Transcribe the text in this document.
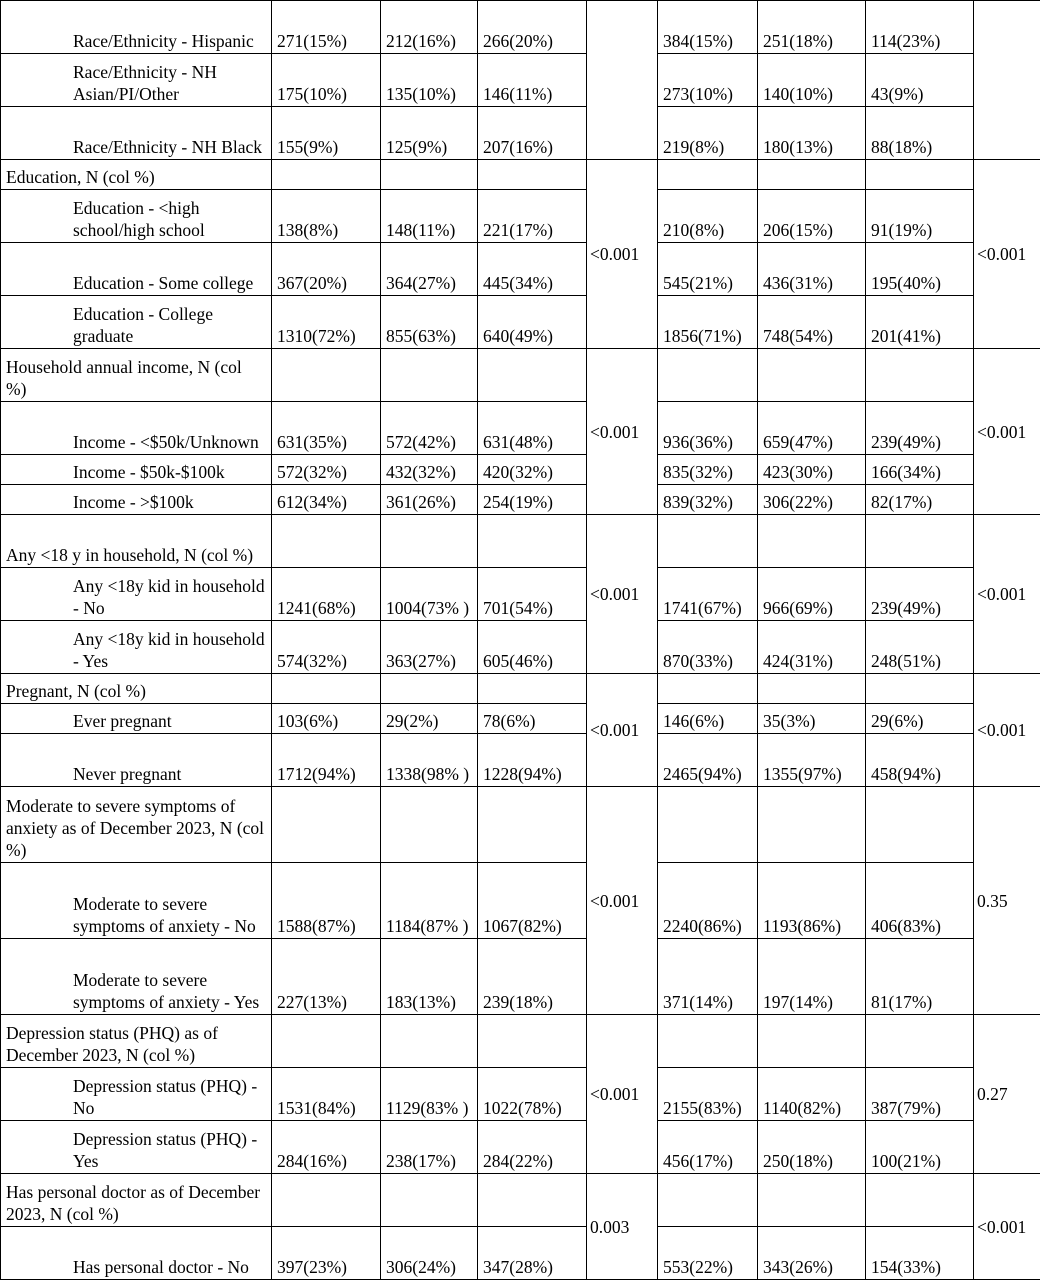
Race/Ethnicity - Hispanic	271(15%)	212(16%)	266(20%)		384(15%)	251(18%)	114(23%)	
Race/Ethnicity - NH Asian/PI/Other	175(10%)	135(10%)	146(11%)		273(10%)	140(10%)	43(9%)	
Race/Ethnicity - NH Black	155(9%)	125(9%)	207(16%)		219(8%)	180(13%)	88(18%)	
Education, N (col %)				<0.001				<0.001
Education - <high school/high school	138(8%)	148(11%)	221(17%)		210(8%)	206(15%)	91(19%)	
Education - Some college	367(20%)	364(27%)	445(34%)		545(21%)	436(31%)	195(40%)	
Education - College graduate	1310(72%)	855(63%)	640(49%)		1856(71%)	748(54%)	201(41%)	
Household annual income, N (col %)				<0.001				<0.001
Income - <$50k/Unknown	631(35%)	572(42%)	631(48%)		936(36%)	659(47%)	239(49%)	
Income - $50k-$100k	572(32%)	432(32%)	420(32%)		835(32%)	423(30%)	166(34%)	
Income - >$100k	612(34%)	361(26%)	254(19%)		839(32%)	306(22%)	82(17%)	
Any <18 y in household, N (col %)				<0.001				<0.001
Any <18y kid in household - No	1241(68%)	1004(73% )	701(54%)		1741(67%)	966(69%)	239(49%)	
Any <18y kid in household - Yes	574(32%)	363(27%)	605(46%)		870(33%)	424(31%)	248(51%)	
Pregnant, N (col %)				<0.001				<0.001
Ever pregnant	103(6%)	29(2%)	78(6%)		146(6%)	35(3%)	29(6%)	
Never pregnant	1712(94%)	1338(98% )	1228(94%)		2465(94%)	1355(97%)	458(94%)	
Moderate to severe symptoms of anxiety as of December 2023, N (col %)				<0.001				0.35
Moderate to severe symptoms of anxiety - No	1588(87%)	1184(87% )	1067(82%)		2240(86%)	1193(86%)	406(83%)	
Moderate to severe symptoms of anxiety - Yes	227(13%)	183(13%)	239(18%)		371(14%)	197(14%)	81(17%)	
Depression status (PHQ) as of December 2023, N (col %)				<0.001				0.27
Depression status (PHQ) - No	1531(84%)	1129(83% )	1022(78%)		2155(83%)	1140(82%)	387(79%)	
Depression status (PHQ) - Yes	284(16%)	238(17%)	284(22%)		456(17%)	250(18%)	100(21%)	
Has personal doctor as of December 2023, N (col %)				0.003				<0.001
Has personal doctor - No	397(23%)	306(24%)	347(28%)		553(22%)	343(26%)	154(33%)	
